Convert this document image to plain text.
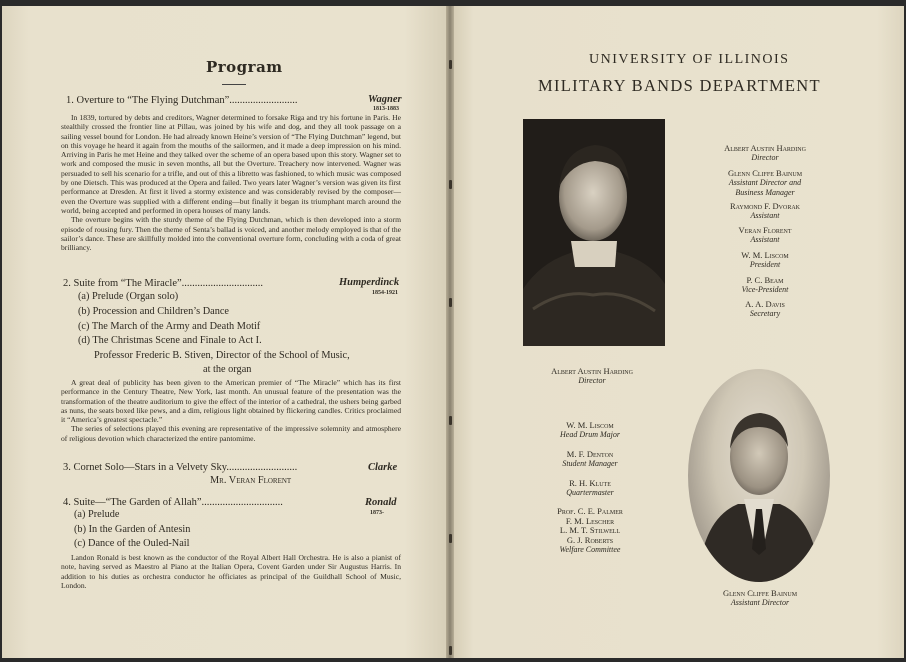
Program
1. Overture to “The Flying Dutchman”..........................	Wagner
1813-1883

In 1839, tortured by debts and creditors, Wagner determined to forsake Riga and try his fortune in Paris. He stealthily crossed the frontier line at Pillau, was joined by his wife and dog, and they all took passage on a sailing vessel bound for London. He had already known Heine’s version of “The Flying Dutchman” legend, but on this voyage he heard it again from the mouths of the sailormen, and it made a deep impression on his mind. Arriving in Paris he met Heine and they talked over the scheme of an opera based upon this story. Wagner set to work and composed the music in seven months, all but the Overture. Treachery now intervened. Wagner was persuaded to sell his scenario for a trifle, and out of this a libretto was fashioned, to which music was composed by one Dietsch. This was produced at the Opera and failed. Two years later Wagner’s version was given its first performance at Dresden. At first it lived a stormy existence and was considerably revised by the composer—even the Overture was supplied with a different ending—but finally it began its triumphant march around the world, being accepted and performed in opera houses of many lands.

The overture begins with the sturdy theme of the Flying Dutchman, which is then developed into a storm episode of rousing fury. Then the theme of Senta’s ballad is voiced, and another melody employed is that of the sailor’s dance. These are skillfully molded into the conventional overture form, concluding with a coda of great brilliancy.

2. Suite from “The Miracle”...............................	Humperdinck
1854-1921
(a) Prelude (Organ solo)
(b) Procession and Children’s Dance
(c) The March of the Army and Death Motif
(d) The Christmas Scene and Finale to Act I.
Professor Frederic B. Stiven, Director of the School of Music,
at the organ

A great deal of publicity has been given to the American premier of “The Miracle” which has its first performance in the Century Theatre, New York, last month. An unusual feature of the presentation was the transformation of the theatre auditorium to give the effect of the interior of a cathedral, the ushers being garbed as nuns, the seats boxed like pews, and a dim, religious light obtained by flickering candles. Critics proclaimed it “America’s greatest spectacle.”

The series of selections played this evening are representative of the impressive solemnity and atmosphere of religious devotion which characterized the entire pantomime.

3. Cornet Solo—Stars in a Velvety Sky...........................	Clarke
Mr. Veran Florent
4. Suite—“The Garden of Allah”...............................	Ronald
1873-
(a) Prelude
(b) In the Garden of Antesin
(c) Dance of the Ouled-Nail

Landon Ronald is best known as the conductor of the Royal Albert Hall Orchestra. He is also a pianist of note, having served as Maestro al Piano at the Italian Opera, Covent Garden under Sir Augustus Harris. In addition to his duties as orchestra conductor he officiates as principal of the Guildhall School of Music, London.

UNIVERSITY OF ILLINOIS
MILITARY BANDS DEPARTMENT
Albert Austin Harding
Director
Albert Austin Harding
Director
Glenn Cliffe Bainum
Assistant Director and Business Manager
Raymond F. Dvorak
Assistant
Veran Florent
Assistant
W. M. Liscom
President
P. C. Beam
Vice-President
A. A. Davis
Secretary
W. M. Liscom
Head Drum Major
M. F. Denton
Student Manager
R. H. Klute
Quartermaster
Prof. C. E. Palmer
F. M. Lescher
L. M. T. Stilwell
G. J. Roberts
Welfare Committee
Glenn Cliffe Bainum
Assistant Director
